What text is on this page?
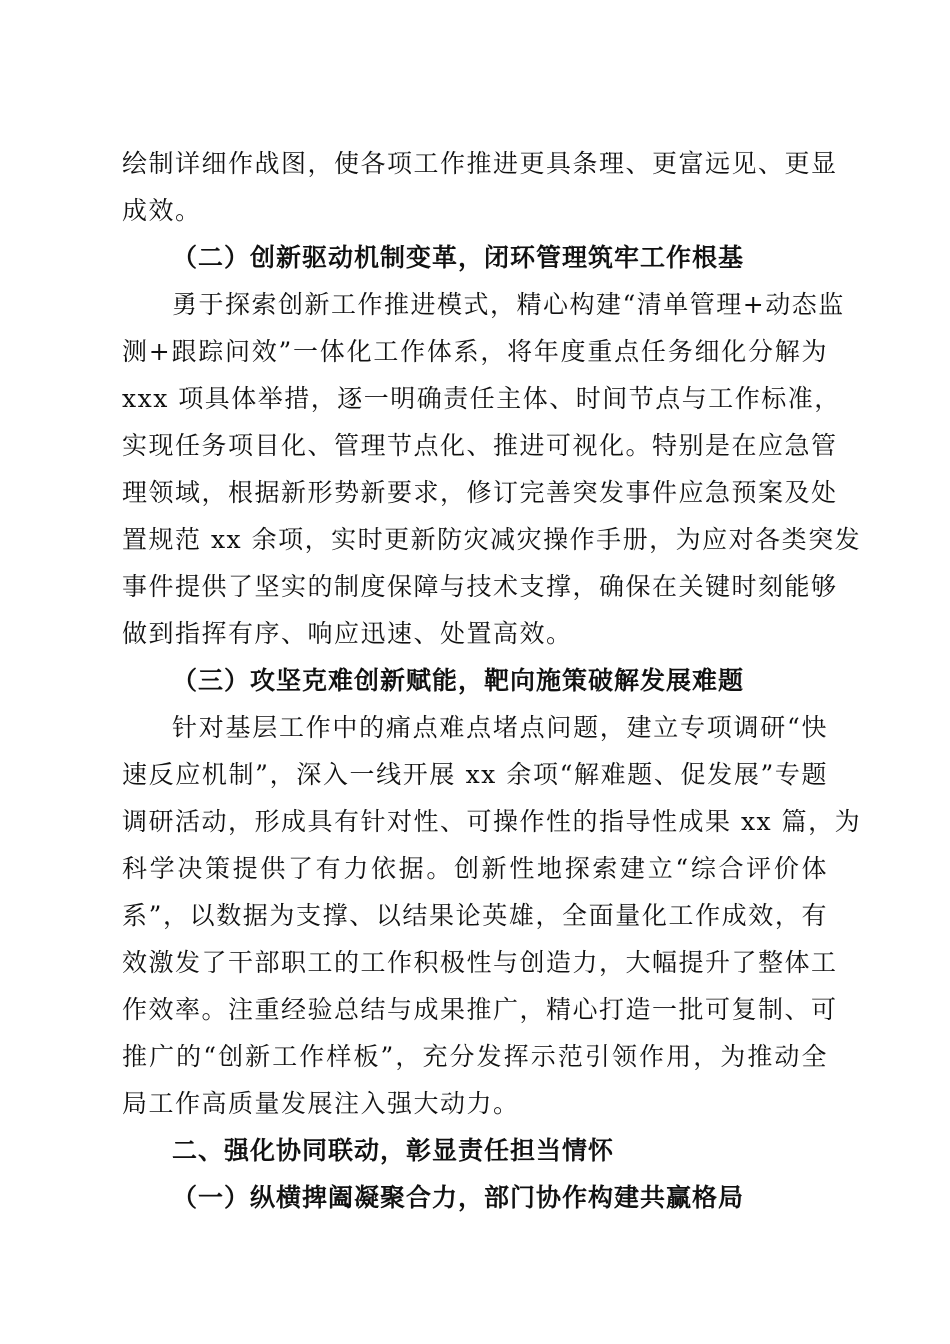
绘制详细作战图，使各项工作推进更具条理、更富远见、更显
成效。
（二）创新驱动机制变革，闭环管理筑牢工作根基
勇于探索创新工作推进模式，精心构建“清单管理+动态监
测+跟踪问效”一体化工作体系，将年度重点任务细化分解为
xxx 项具体举措，逐一明确责任主体、时间节点与工作标准，
实现任务项目化、管理节点化、推进可视化。特别是在应急管
理领域，根据新形势新要求，修订完善突发事件应急预案及处
置规范 xx 余项，实时更新防灾减灾操作手册，为应对各类突发
事件提供了坚实的制度保障与技术支撑，确保在关键时刻能够
做到指挥有序、响应迅速、处置高效。
（三）攻坚克难创新赋能，靶向施策破解发展难题
针对基层工作中的痛点难点堵点问题，建立专项调研“快
速反应机制”，深入一线开展 xx 余项“解难题、促发展”专题
调研活动，形成具有针对性、可操作性的指导性成果 xx 篇，为
科学决策提供了有力依据。创新性地探索建立“综合评价体
系”，以数据为支撑、以结果论英雄，全面量化工作成效，有
效激发了干部职工的工作积极性与创造力，大幅提升了整体工
作效率。注重经验总结与成果推广，精心打造一批可复制、可
推广的“创新工作样板”，充分发挥示范引领作用，为推动全
局工作高质量发展注入强大动力。
二、强化协同联动，彰显责任担当情怀
（一）纵横捭阖凝聚合力，部门协作构建共赢格局
